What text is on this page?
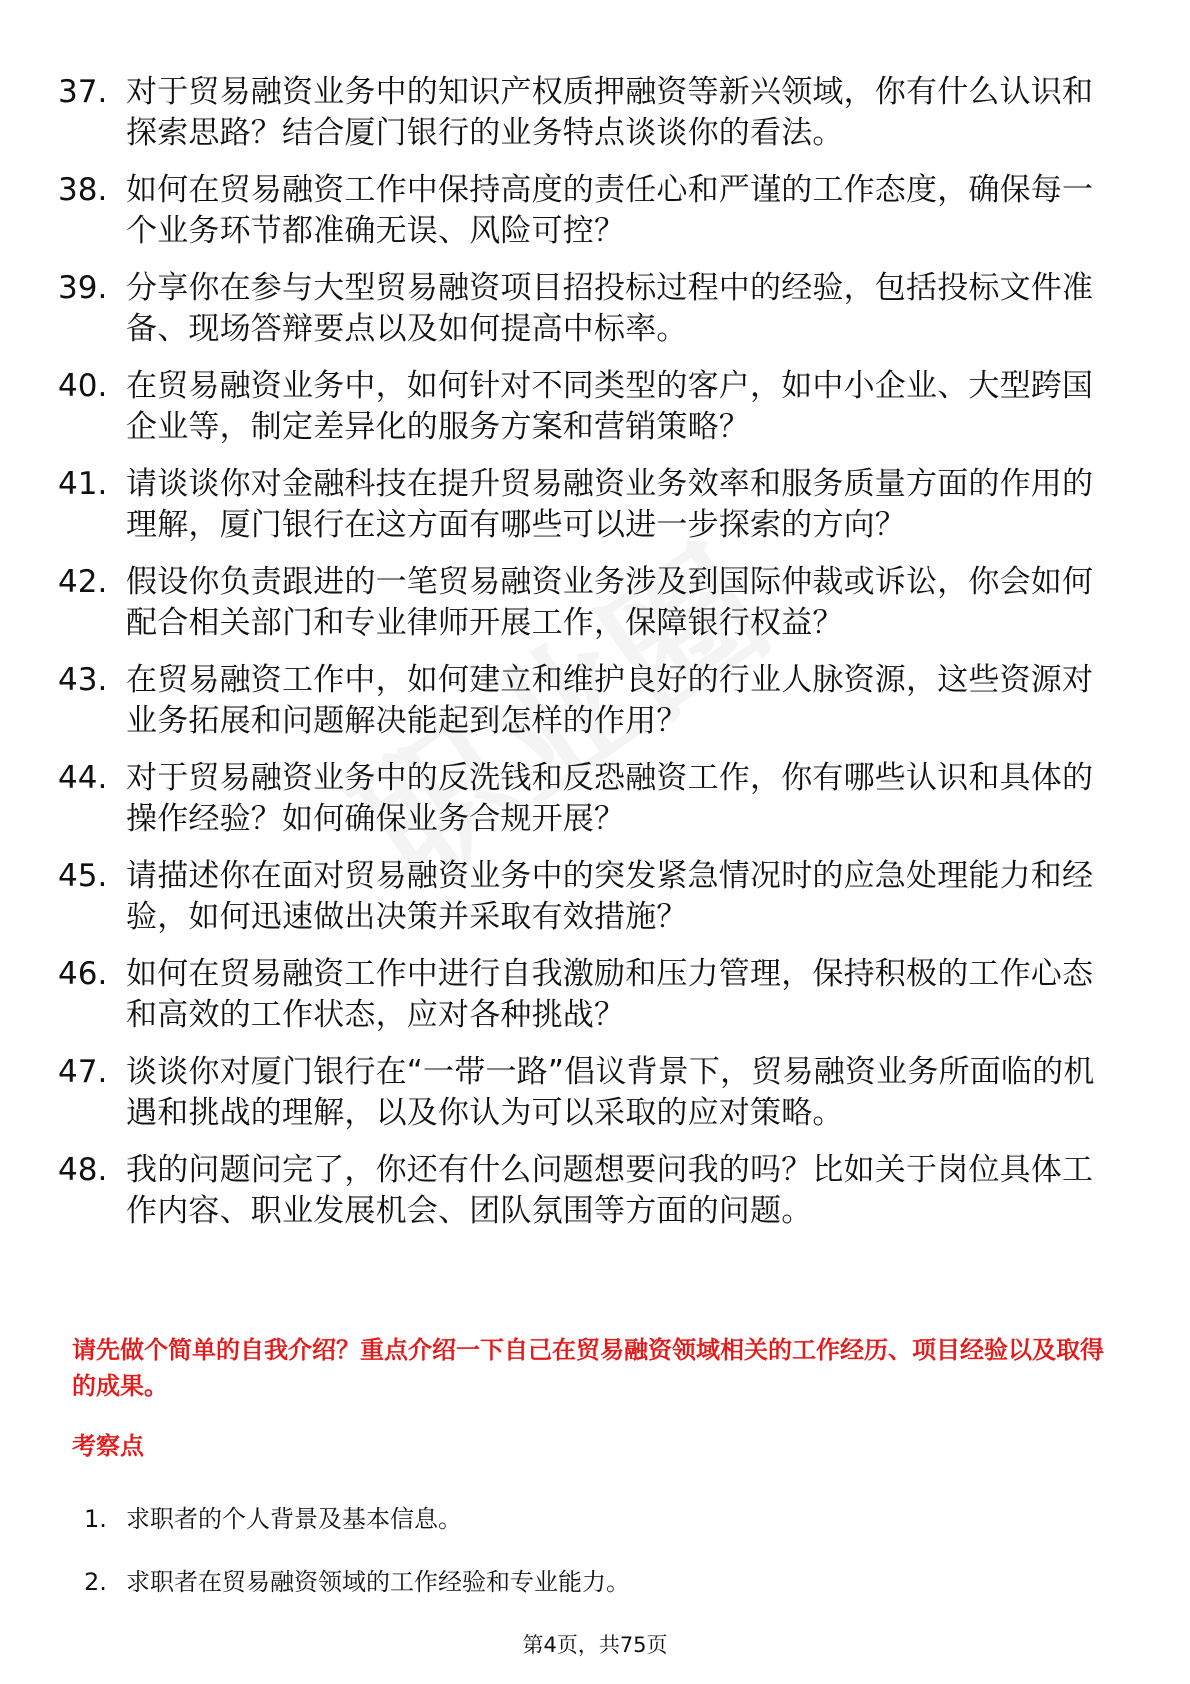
37. 对于贸易融资业务中的知识产权质押融资等新兴领域，你有什么认识和探索思路？结合厦门银行的业务特点谈谈你的看法。
38. 如何在贸易融资工作中保持高度的责任心和严谨的工作态度，确保每一个业务环节都准确无误、风险可控？
39. 分享你在参与大型贸易融资项目招投标过程中的经验，包括投标文件准备、现场答辩要点以及如何提高中标率。
40. 在贸易融资业务中，如何针对不同类型的客户，如中小企业、大型跨国企业等，制定差异化的服务方案和营销策略？
41. 请谈谈你对金融科技在提升贸易融资业务效率和服务质量方面的作用的理解，厦门银行在这方面有哪些可以进一步探索的方向？
42. 假设你负责跟进的一笔贸易融资业务涉及到国际仲裁或诉讼，你会如何配合相关部门和专业律师开展工作，保障银行权益？
43. 在贸易融资工作中，如何建立和维护良好的行业人脉资源，这些资源对业务拓展和问题解决能起到怎样的作用？
44. 对于贸易融资业务中的反洗钱和反恐融资工作，你有哪些认识和具体的操作经验？如何确保业务合规开展？
45. 请描述你在面对贸易融资业务中的突发紧急情况时的应急处理能力和经验，如何迅速做出决策并采取有效措施？
46. 如何在贸易融资工作中进行自我激励和压力管理，保持积极的工作心态和高效的工作状态，应对各种挑战？
47. 谈谈你对厦门银行在“一带一路”倡议背景下，贸易融资业务所面临的机遇和挑战的理解，以及你认为可以采取的应对策略。
48. 我的问题问完了，你还有什么问题想要问我的吗？比如关于岗位具体工作内容、职业发展机会、团队氛围等方面的问题。
请先做个简单的自我介绍？重点介绍一下自己在贸易融资领域相关的工作经历、项目经验以及取得的成果。
考察点
1. 求职者的个人背景及基本信息。
2. 求职者在贸易融资领域的工作经验和专业能力。
第4页，共75页
